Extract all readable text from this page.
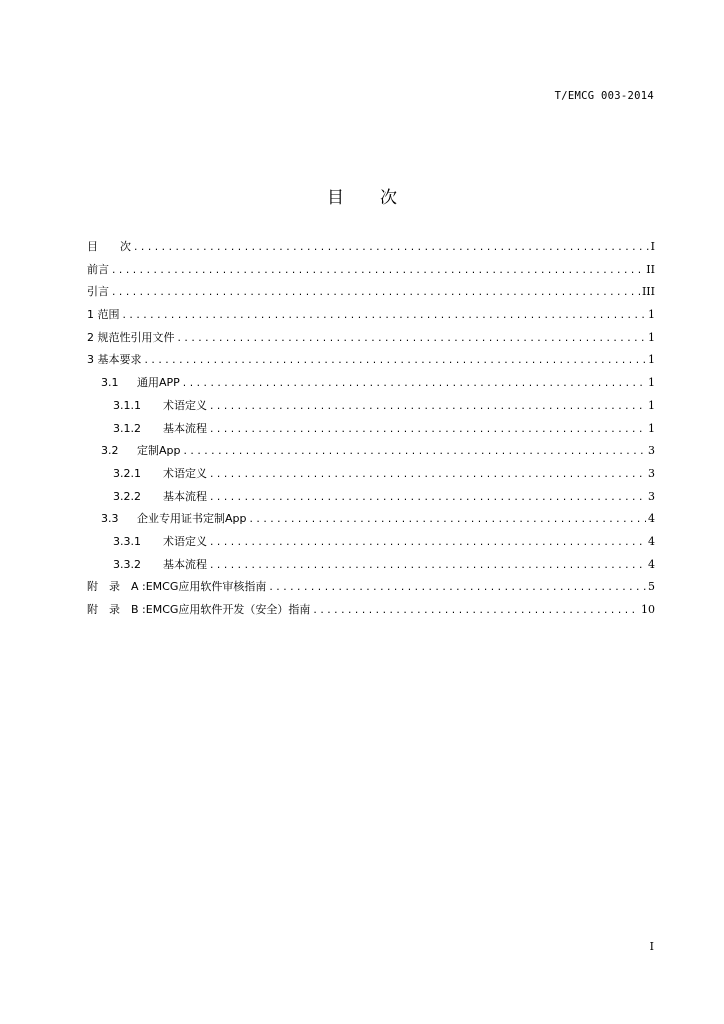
T/EMCG 003-2014
目 次
目　　次 .....	I
前言 .....	II
引言 .....	III
1 范围 .....	1
2 规范性引用文件 .....	1
3 基本要求 .....	1
3.1 通用APP .....	1
3.1.1 术语定义 .....	1
3.1.2 基本流程 .....	1
3.2 定制App .....	3
3.2.1 术语定义 .....	3
3.2.2 基本流程 .....	3
3.3 企业专用证书定制App .....	4
3.3.1 术语定义 .....	4
3.3.2 基本流程 .....	4
附　录　A :EMCG应用软件审核指南 .....	5
附　录　B :EMCG应用软件开发（安全）指南 .....	10
I
